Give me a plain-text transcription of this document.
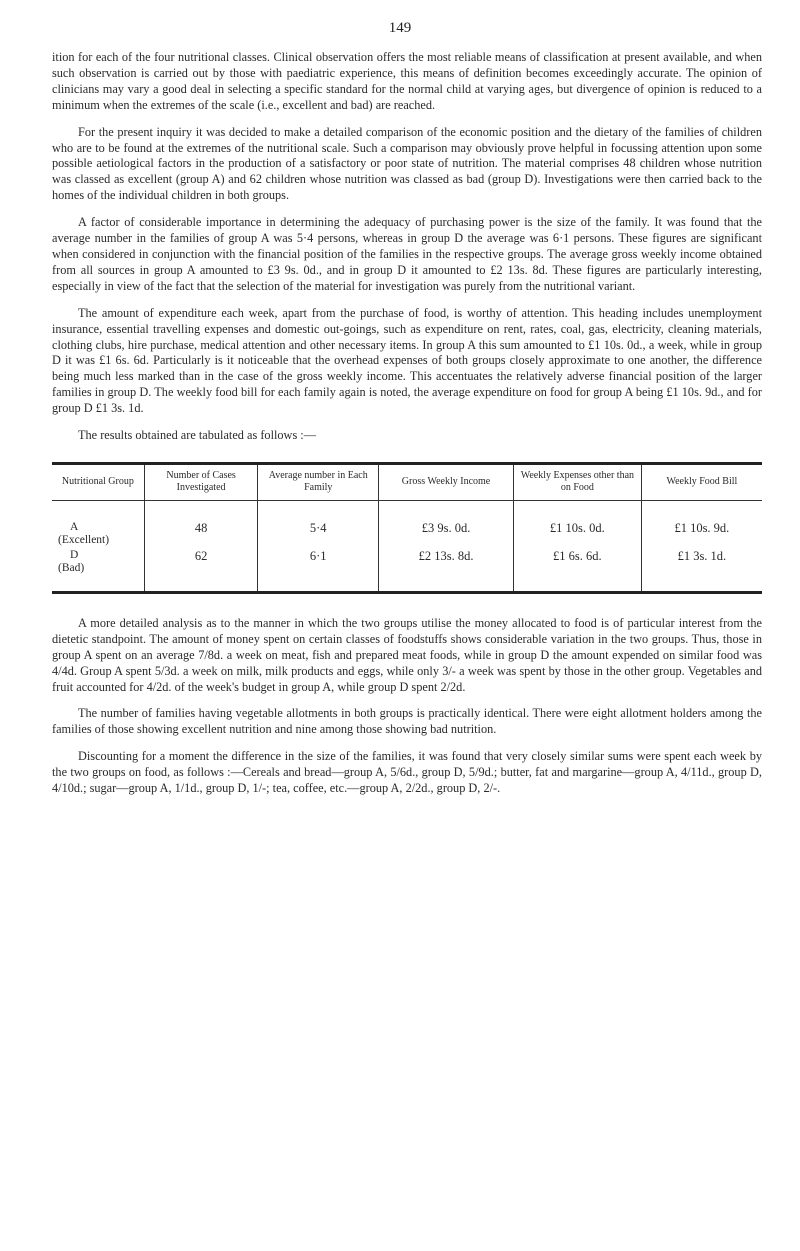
149

ition for each of the four nutritional classes. Clinical observation offers the most reliable means of classification at present available, and when such observation is carried out by those with paediatric experience, this means of definition becomes exceedingly accurate. The opinion of clinicians may vary a good deal in selecting a specific standard for the normal child at varying ages, but divergence of opinion is reduced to a minimum when the extremes of the scale (i.e., excellent and bad) are reached.

For the present inquiry it was decided to make a detailed comparison of the economic position and the dietary of the families of children who are to be found at the extremes of the nutritional scale. Such a comparison may obviously prove helpful in focussing attention upon some possible aetiological factors in the production of a satisfactory or poor state of nutrition. The material comprises 48 children whose nutrition was classed as excellent (group A) and 62 children whose nutrition was classed as bad (group D). Investigations were then carried back to the homes of the individual children in both groups.

A factor of considerable importance in determining the adequacy of purchasing power is the size of the family. It was found that the average number in the families of group A was 5·4 persons, whereas in group D the average was 6·1 persons. These figures are significant when considered in conjunction with the financial position of the families in the respective groups. The average gross weekly income obtained from all sources in group A amounted to £3 9s. 0d., and in group D it amounted to £2 13s. 8d. These figures are particularly interesting, especially in view of the fact that the selection of the material for investigation was purely from the nutritional variant.

The amount of expenditure each week, apart from the purchase of food, is worthy of attention. This heading includes unemployment insurance, essential travelling expenses and domestic out-goings, such as expenditure on rent, rates, coal, gas, electricity, cleaning materials, clothing clubs, hire purchase, medical attention and other necessary items. In group A this sum amounted to £1 10s. 0d., a week, while in group D it was £1 6s. 6d. Particularly is it noticeable that the overhead expenses of both groups closely approximate to one another, the difference being much less marked than in the case of the gross weekly income. This accentuates the relatively adverse financial position of the larger families in group D. The weekly food bill for each family again is noted, the average expenditure on food for group A being £1 10s. 9d., and for group D £1 3s. 1d.

The results obtained are tabulated as follows :—

Nutritional Group	Number of Cases Investigated	Average number in Each Family	Gross Weekly Income	Weekly Expenses other than on Food	Weekly Food Bill

A
(Excellent)	48	5·4	£3 9s. 0d.	£1 10s. 0d.	£1 10s. 9d.

D
(Bad)	62	6·1	£2 13s. 8d.	£1 6s. 6d.	£1 3s. 1d.

A more detailed analysis as to the manner in which the two groups utilise the money allocated to food is of particular interest from the dietetic standpoint. The amount of money spent on certain classes of foodstuffs shows considerable variation in the two groups. Thus, those in group A spent on an average 7/8d. a week on meat, fish and prepared meat foods, while in group D the amount expended on similar food was 4/4d. Group A spent 5/3d. a week on milk, milk products and eggs, while only 3/- a week was spent by those in the other group. Vegetables and fruit accounted for 4/2d. of the week's budget in group A, while group D spent 2/2d.

The number of families having vegetable allotments in both groups is practically identical. There were eight allotment holders among the families of those showing excellent nutrition and nine among those showing bad nutrition.

Discounting for a moment the difference in the size of the families, it was found that very closely similar sums were spent each week by the two groups on food, as follows :—Cereals and bread—group A, 5/6d., group D, 5/9d.; butter, fat and margarine—group A, 4/11d., group D, 4/10d.; sugar—group A, 1/1d., group D, 1/-; tea, coffee, etc.—group A, 2/2d., group D, 2/-.
